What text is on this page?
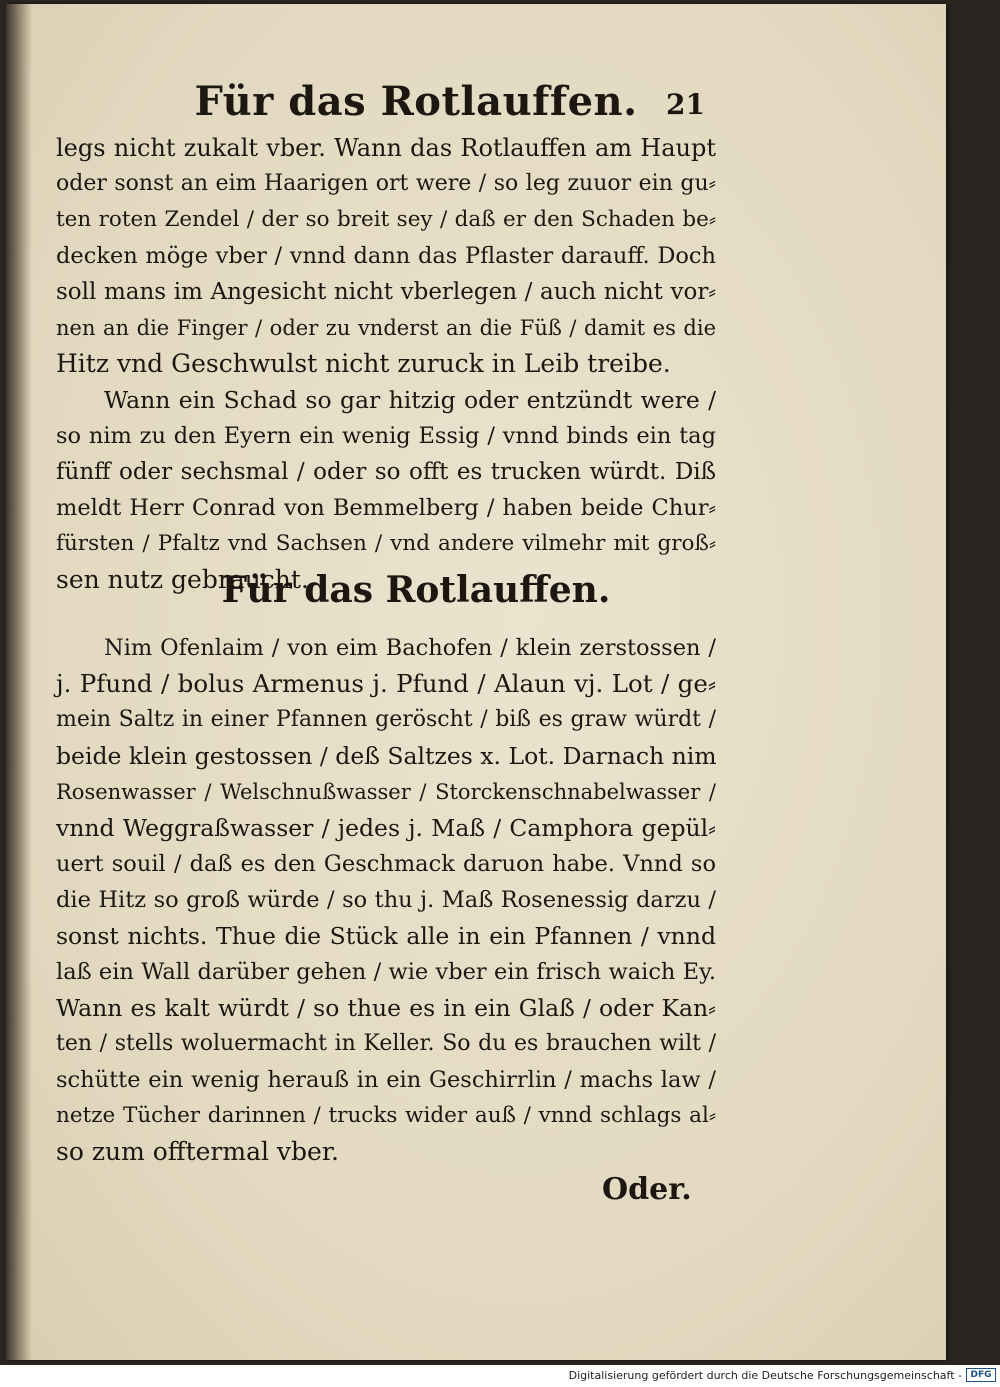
Für das Rotlauffen.	21
legs nicht zukalt vber. Wann das Rotlauffen am Haupt
oder sonst an eim Haarigen ort were / so leg zuuor ein gu⸗
ten roten Zendel / der so breit sey / daß er den Schaden be⸗
decken möge vber / vnnd dann das Pflaster darauff. Doch
soll mans im Angesicht nicht vberlegen / auch nicht vor⸗
nen an die Finger / oder zu vnderst an die Füß / damit es die
Hitz vnd Geschwulst nicht zuruck in Leib treibe.
Wann ein Schad so gar hitzig oder entzündt were /
so nim zu den Eyern ein wenig Essig / vnnd binds ein tag
fünff oder sechsmal / oder so offt es trucken würdt. Diß
meldt Herr Conrad von Bemmelberg / haben beide Chur⸗
fürsten / Pfaltz vnd Sachsen / vnd andere vilmehr mit groß⸗
sen nutz gebraucht.
Für das Rotlauffen.
Nim Ofenlaim / von eim Bachofen / klein zerstossen /
j. Pfund / bolus Armenus j. Pfund / Alaun vj. Lot / ge⸗
mein Saltz in einer Pfannen geröscht / biß es graw würdt /
beide klein gestossen / deß Saltzes x. Lot. Darnach nim
Rosenwasser / Welschnußwasser / Storckenschnabelwasser /
vnnd Weggraßwasser / jedes j. Maß / Camphora gepül⸗
uert souil / daß es den Geschmack daruon habe. Vnnd so
die Hitz so groß würde / so thu j. Maß Rosenessig darzu /
sonst nichts. Thue die Stück alle in ein Pfannen / vnnd
laß ein Wall darüber gehen / wie vber ein frisch waich Ey.
Wann es kalt würdt / so thue es in ein Glaß / oder Kan⸗
ten / stells woluermacht in Keller. So du es brauchen wilt /
schütte ein wenig herauß in ein Geschirrlin / machs law /
netze Tücher darinnen / trucks wider auß / vnnd schlags al⸗
so zum offtermal vber.
Oder.
Digitalisierung gefördert durch die Deutsche Forschungsgemeinschaft - DFG
